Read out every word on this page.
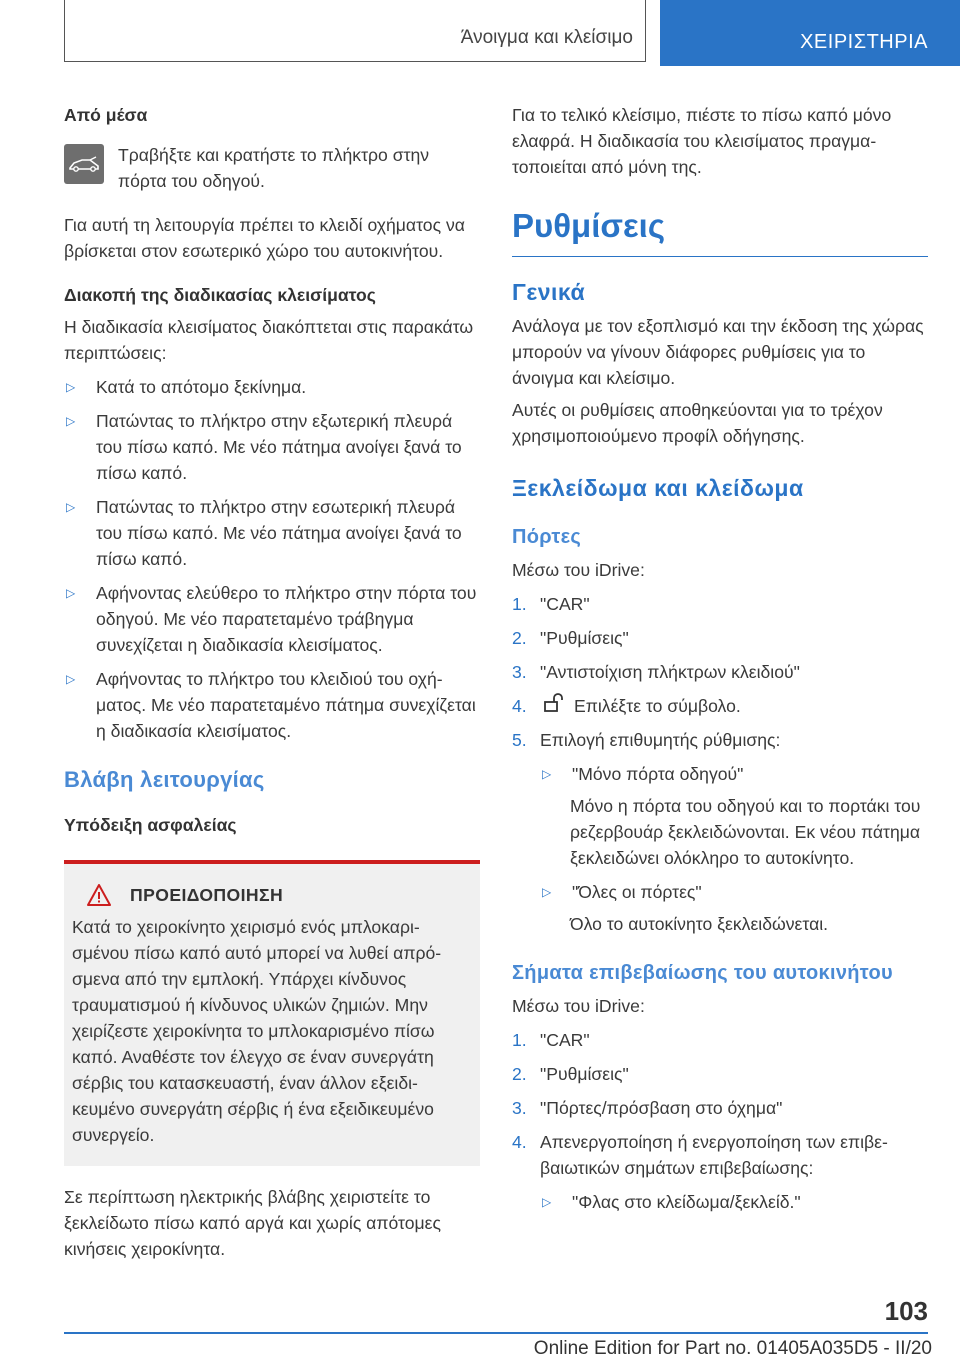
Άνοιγμα και κλείσιμο	ΧΕΙΡΙΣΤΗΡΙΑ

Από μέσα

Τραβήξτε και κρατήστε το πλήκτρο στην πόρτα του οδηγού.

Για αυτή τη λειτουργία πρέπει το κλειδί οχήματος να βρίσκεται στον εσωτερικό χώρο του αυτοκινήτου.

Διακοπή της διαδικασίας κλεισίματος

Η διαδικασία κλεισίματος διακόπτεται στις παρακάτω περιπτώσεις:

▷	Κατά το απότομο ξεκίνημα.
▷	Πατώντας το πλήκτρο στην εξωτερική πλευρά του πίσω καπό. Με νέο πάτημα ανοίγει ξανά το πίσω καπό.
▷	Πατώντας το πλήκτρο στην εσωτερική πλευρά του πίσω καπό. Με νέο πάτημα ανοίγει ξανά το πίσω καπό.
▷	Αφήνοντας ελεύθερο το πλήκτρο στην πόρτα του οδηγού. Με νέο παρατεταμένο τράβηγμα συνεχίζεται η διαδικασία κλεισίματος.
▷	Αφήνοντας το πλήκτρο του κλειδιού του οχήματος. Με νέο παρατεταμένο πάτημα συνεχίζεται η διαδικασία κλεισίματος.

Βλάβη λειτουργίας

Υπόδειξη ασφαλείας

ΠΡΟΕΙΔΟΠΟΙΗΣΗ

Κατά το χειροκίνητο χειρισμό ενός μπλοκαρισμένου πίσω καπό αυτό μπορεί να λυθεί απρόσμενα από την εμπλοκή. Υπάρχει κίνδυνος τραυματισμού ή κίνδυνος υλικών ζημιών. Μην χειρίζεστε χειροκίνητα το μπλοκαρισμένο πίσω καπό. Αναθέστε τον έλεγχο σε έναν συνεργάτη σέρβις του κατασκευαστή, έναν άλλον εξειδικευμένο συνεργάτη σέρβις ή ένα εξειδικευμένο συνεργείο.

Σε περίπτωση ηλεκτρικής βλάβης χειριστείτε το ξεκλείδωτο πίσω καπό αργά και χωρίς απότομες κινήσεις χειροκίνητα.

Για το τελικό κλείσιμο, πιέστε το πίσω καπό μόνο ελαφρά. Η διαδικασία του κλεισίματος πραγματοποιείται από μόνη της.

Ρυθμίσεις

Γενικά

Ανάλογα με τον εξοπλισμό και την έκδοση της χώρας μπορούν να γίνουν διάφορες ρυθμίσεις για το άνοιγμα και κλείσιμο.

Αυτές οι ρυθμίσεις αποθηκεύονται για το τρέχον χρησιμοποιούμενο προφίλ οδήγησης.

Ξεκλείδωμα και κλείδωμα

Πόρτες

Μέσω του iDrive:

1. "CAR"
2. "Ρυθμίσεις"
3. "Αντιστοίχιση πλήκτρων κλειδιού"
4.	Επιλέξτε το σύμβολο.
5. Επιλογή επιθυμητής ρύθμισης:
▷	"Μόνο πόρτα οδηγού"

Μόνο η πόρτα του οδηγού και το πορτάκι του ρεζερβουάρ ξεκλειδώνονται. Εκ νέου πάτημα ξεκλειδώνει ολόκληρο το αυτοκίνητο.

▷	"Όλες οι πόρτες"

Όλο το αυτοκίνητο ξεκλειδώνεται.

Σήματα επιβεβαίωσης του αυτοκινήτου

Μέσω του iDrive:

1. "CAR"
2. "Ρυθμίσεις"
3. "Πόρτες/πρόσβαση στο όχημα"
4. Απενεργοποίηση ή ενεργοποίηση των επιβεβαιωτικών σημάτων επιβεβαίωσης:
▷	"Φλας στο κλείδωμα/ξεκλείδ."
103
Online Edition for Part no. 01405A035D5 - II/20
